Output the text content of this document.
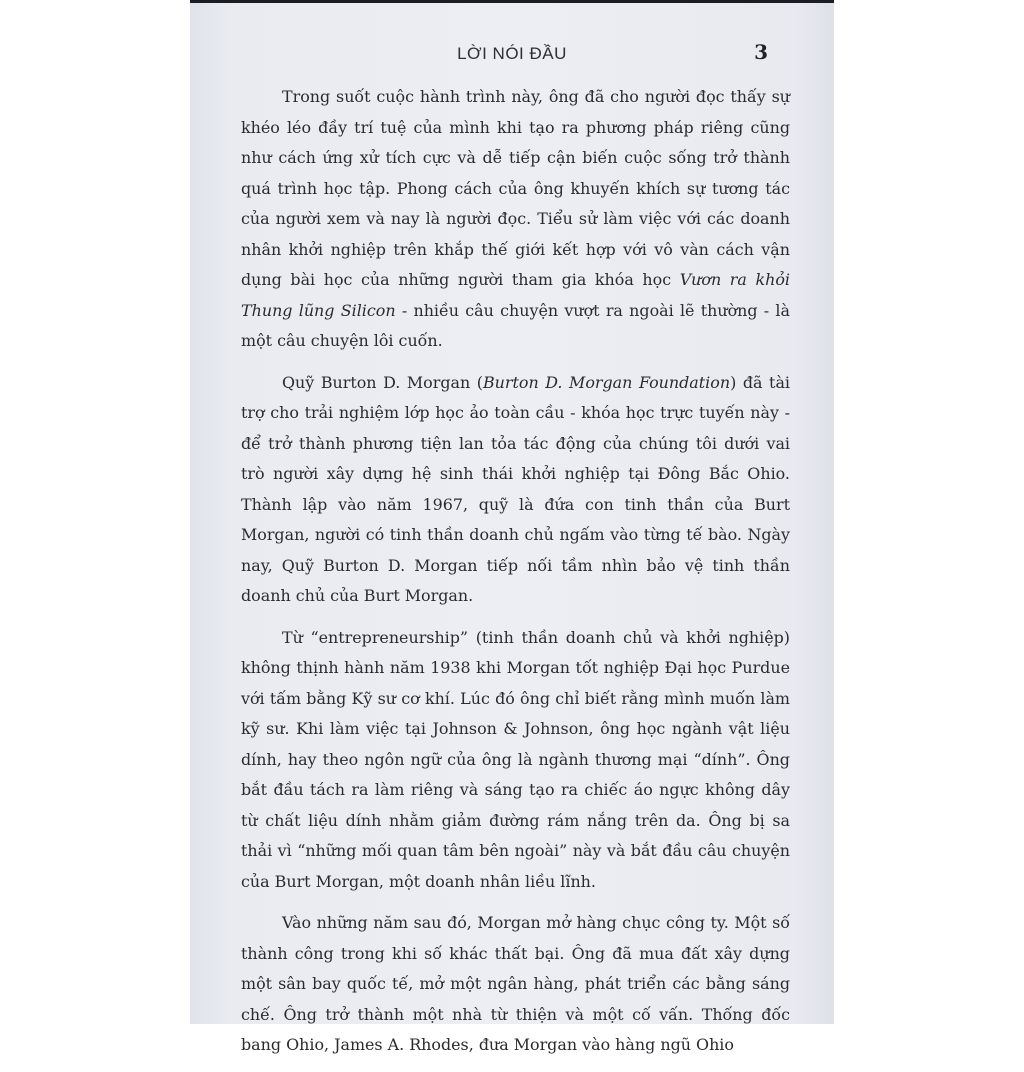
LỜI NÓI ĐẦU	3

Trong suốt cuộc hành trình này, ông đã cho người đọc thấy sự khéo léo đầy trí tuệ của mình khi tạo ra phương pháp riêng cũng như cách ứng xử tích cực và dễ tiếp cận biến cuộc sống trở thành quá trình học tập. Phong cách của ông khuyến khích sự tương tác của người xem và nay là người đọc. Tiểu sử làm việc với các doanh nhân khởi nghiệp trên khắp thế giới kết hợp với vô vàn cách vận dụng bài học của những người tham gia khóa học Vươn ra khỏi Thung lũng Silicon - nhiều câu chuyện vượt ra ngoài lẽ thường - là một câu chuyện lôi cuốn.

Quỹ Burton D. Morgan (Burton D. Morgan Foundation) đã tài trợ cho trải nghiệm lớp học ảo toàn cầu - khóa học trực tuyến này - để trở thành phương tiện lan tỏa tác động của chúng tôi dưới vai trò người xây dựng hệ sinh thái khởi nghiệp tại Đông Bắc Ohio. Thành lập vào năm 1967, quỹ là đứa con tinh thần của Burt Morgan, người có tinh thần doanh chủ ngấm vào từng tế bào. Ngày nay, Quỹ Burton D. Morgan tiếp nối tầm nhìn bảo vệ tinh thần doanh chủ của Burt Morgan.

Từ “entrepreneurship” (tinh thần doanh chủ và khởi nghiệp) không thịnh hành năm 1938 khi Morgan tốt nghiệp Đại học Purdue với tấm bằng Kỹ sư cơ khí. Lúc đó ông chỉ biết rằng mình muốn làm kỹ sư. Khi làm việc tại Johnson & Johnson, ông học ngành vật liệu dính, hay theo ngôn ngữ của ông là ngành thương mại “dính”. Ông bắt đầu tách ra làm riêng và sáng tạo ra chiếc áo ngực không dây từ chất liệu dính nhằm giảm đường rám nắng trên da. Ông bị sa thải vì “những mối quan tâm bên ngoài” này và bắt đầu câu chuyện của Burt Morgan, một doanh nhân liều lĩnh.

Vào những năm sau đó, Morgan mở hàng chục công ty. Một số thành công trong khi số khác thất bại. Ông đã mua đất xây dựng một sân bay quốc tế, mở một ngân hàng, phát triển các bằng sáng chế. Ông trở thành một nhà từ thiện và một cố vấn. Thống đốc bang Ohio, James A. Rhodes, đưa Morgan vào hàng ngũ Ohio
